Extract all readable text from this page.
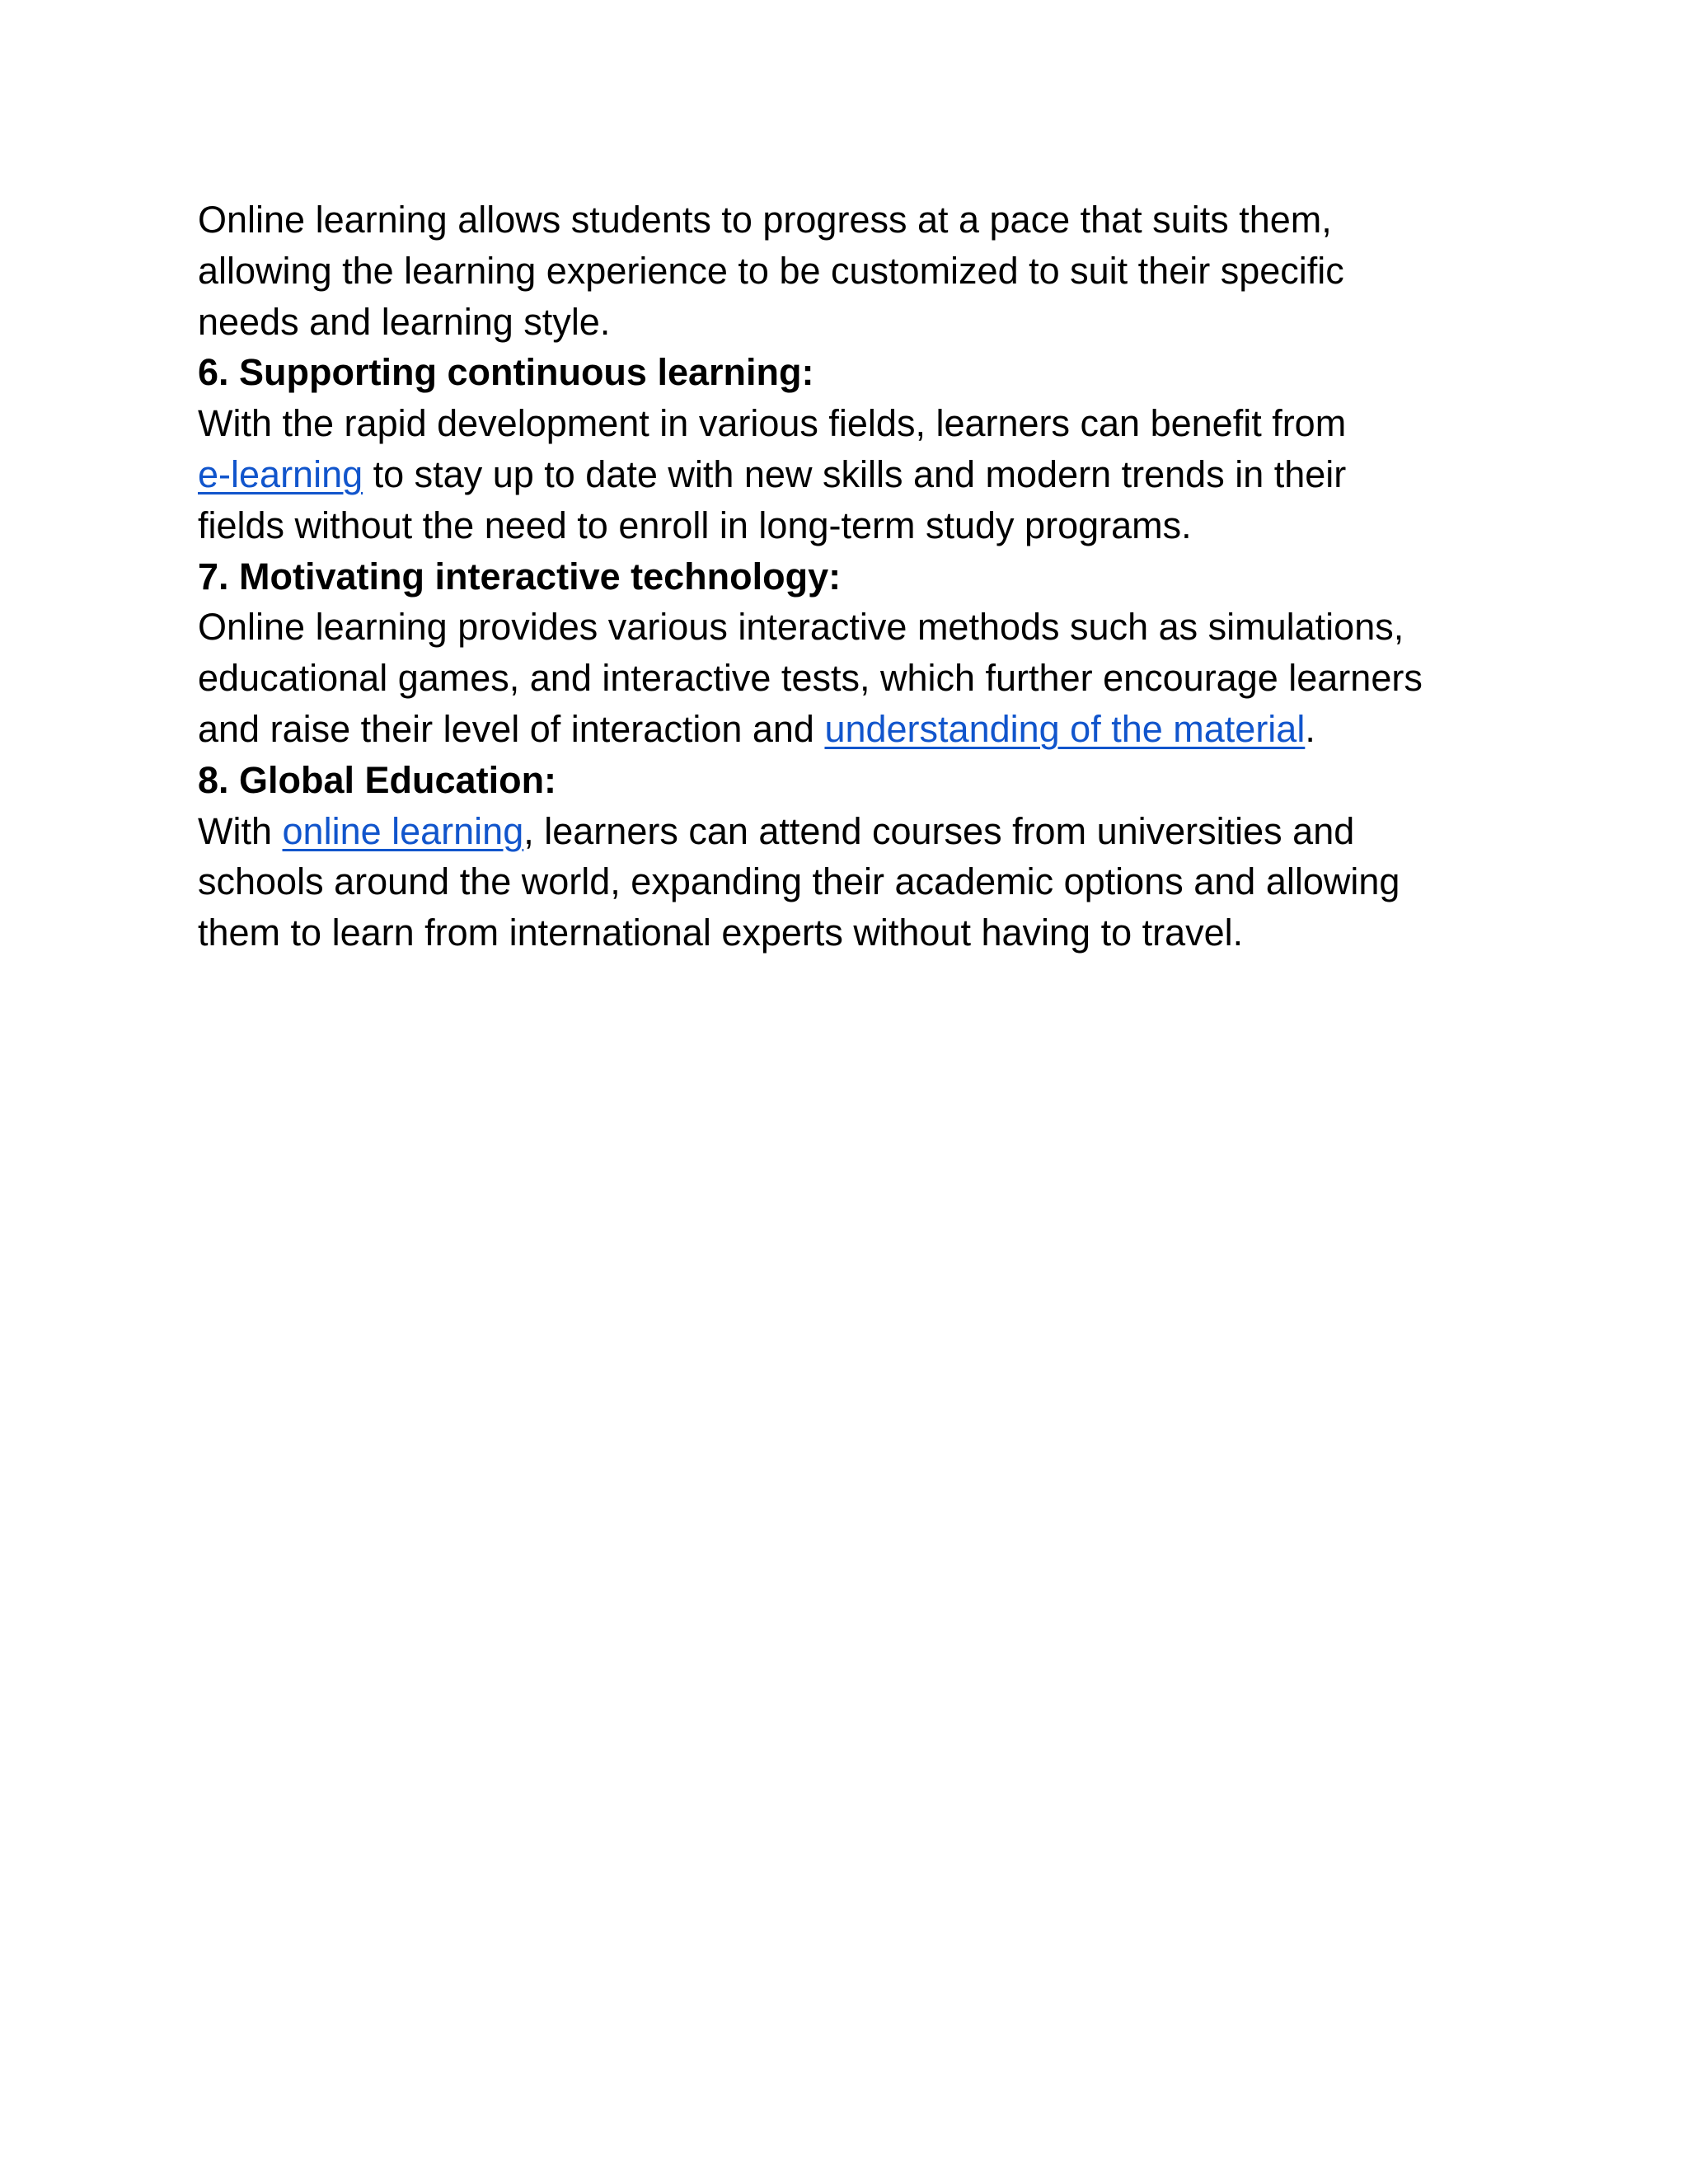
Online learning allows students to progress at a pace that suits them,

allowing the learning experience to be customized to suit their specific

needs and learning style.

6. Supporting continuous learning:

With the rapid development in various fields, learners can benefit from

e-learning to stay up to date with new skills and modern trends in their

fields without the need to enroll in long-term study programs.

7. Motivating interactive technology:

Online learning provides various interactive methods such as simulations,

educational games, and interactive tests, which further encourage learners

and raise their level of interaction and understanding of the material.

8. Global Education:

With online learning, learners can attend courses from universities and

schools around the world, expanding their academic options and allowing

them to learn from international experts without having to travel.
